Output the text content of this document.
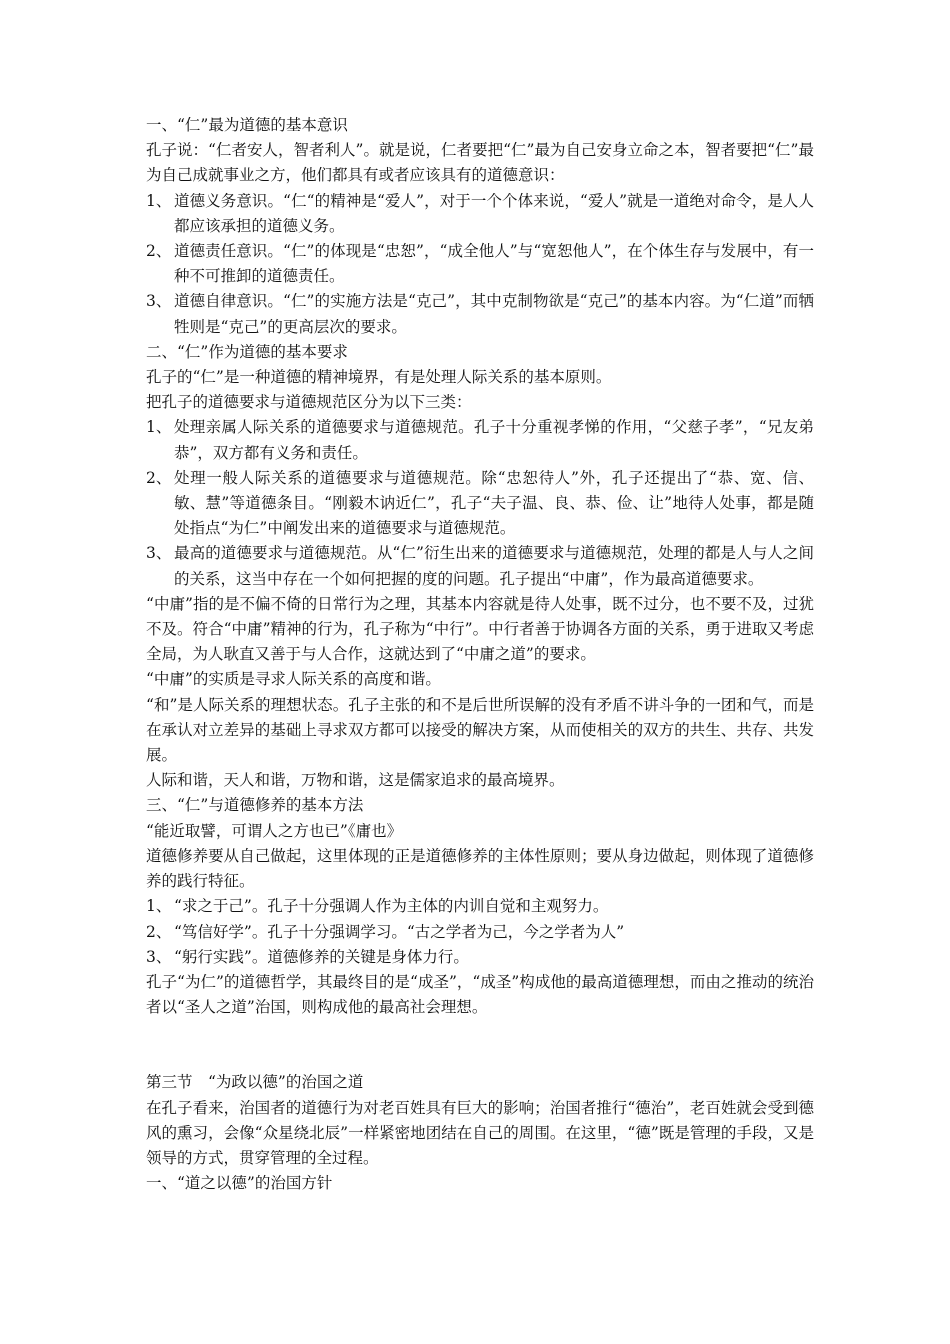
一、“仁”最为道德的基本意识
孔子说：“仁者安人，智者利人”。就是说，仁者要把“仁”最为自己安身立命之本，智者要把“仁”最为自己成就事业之方，他们都具有或者应该具有的道德意识：
1、 道德义务意识。“仁“的精神是“爱人”，对于一个个体来说，“爱人”就是一道绝对命令，是人人都应该承担的道德义务。
2、 道德责任意识。“仁”的体现是“忠恕”，“成全他人”与“宽恕他人”，在个体生存与发展中，有一种不可推卸的道德责任。
3、 道德自律意识。“仁”的实施方法是“克己”，其中克制物欲是“克己”的基本内容。为“仁道”而牺牲则是“克己”的更高层次的要求。
二、“仁”作为道德的基本要求
孔子的“仁”是一种道德的精神境界，有是处理人际关系的基本原则。
把孔子的道德要求与道德规范区分为以下三类：
1、 处理亲属人际关系的道德要求与道德规范。孔子十分重视孝悌的作用，“父慈子孝”，“兄友弟恭”，双方都有义务和责任。
2、 处理一般人际关系的道德要求与道德规范。除“忠恕待人”外，孔子还提出了“恭、宽、信、敏、慧”等道德条目。“刚毅木讷近仁”，孔子“夫子温、良、恭、俭、让”地待人处事，都是随处指点“为仁”中阐发出来的道德要求与道德规范。
3、 最高的道德要求与道德规范。从“仁”衍生出来的道德要求与道德规范，处理的都是人与人之间的关系，这当中存在一个如何把握的度的问题。孔子提出“中庸”，作为最高道德要求。
“中庸”指的是不偏不倚的日常行为之理，其基本内容就是待人处事，既不过分，也不要不及，过犹不及。符合“中庸”精神的行为，孔子称为“中行”。中行者善于协调各方面的关系，勇于进取又考虑全局，为人耿直又善于与人合作，这就达到了“中庸之道”的要求。
“中庸”的实质是寻求人际关系的高度和谐。
“和”是人际关系的理想状态。孔子主张的和不是后世所误解的没有矛盾不讲斗争的一团和气，而是在承认对立差异的基础上寻求双方都可以接受的解决方案，从而使相关的双方的共生、共存、共发展。
人际和谐，天人和谐，万物和谐，这是儒家追求的最高境界。
三、“仁”与道德修养的基本方法
“能近取譬，可谓人之方也已”《庸也》
道德修养要从自己做起，这里体现的正是道德修养的主体性原则；要从身边做起，则体现了道德修养的践行特征。
1、 “求之于己”。孔子十分强调人作为主体的内训自觉和主观努力。
2、 “笃信好学”。孔子十分强调学习。“古之学者为己，今之学者为人”
3、 “躬行实践”。道德修养的关键是身体力行。
孔子“为仁”的道德哲学，其最终目的是“成圣”，“成圣”构成他的最高道德理想，而由之推动的统治者以“圣人之道”治国，则构成他的最高社会理想。
第三节　“为政以德”的治国之道
在孔子看来，治国者的道德行为对老百姓具有巨大的影响；治国者推行“德治”，老百姓就会受到德风的熏习，会像“众星绕北辰”一样紧密地团结在自己的周围。在这里，“德”既是管理的手段，又是领导的方式，贯穿管理的全过程。
一、“道之以德”的治国方针
